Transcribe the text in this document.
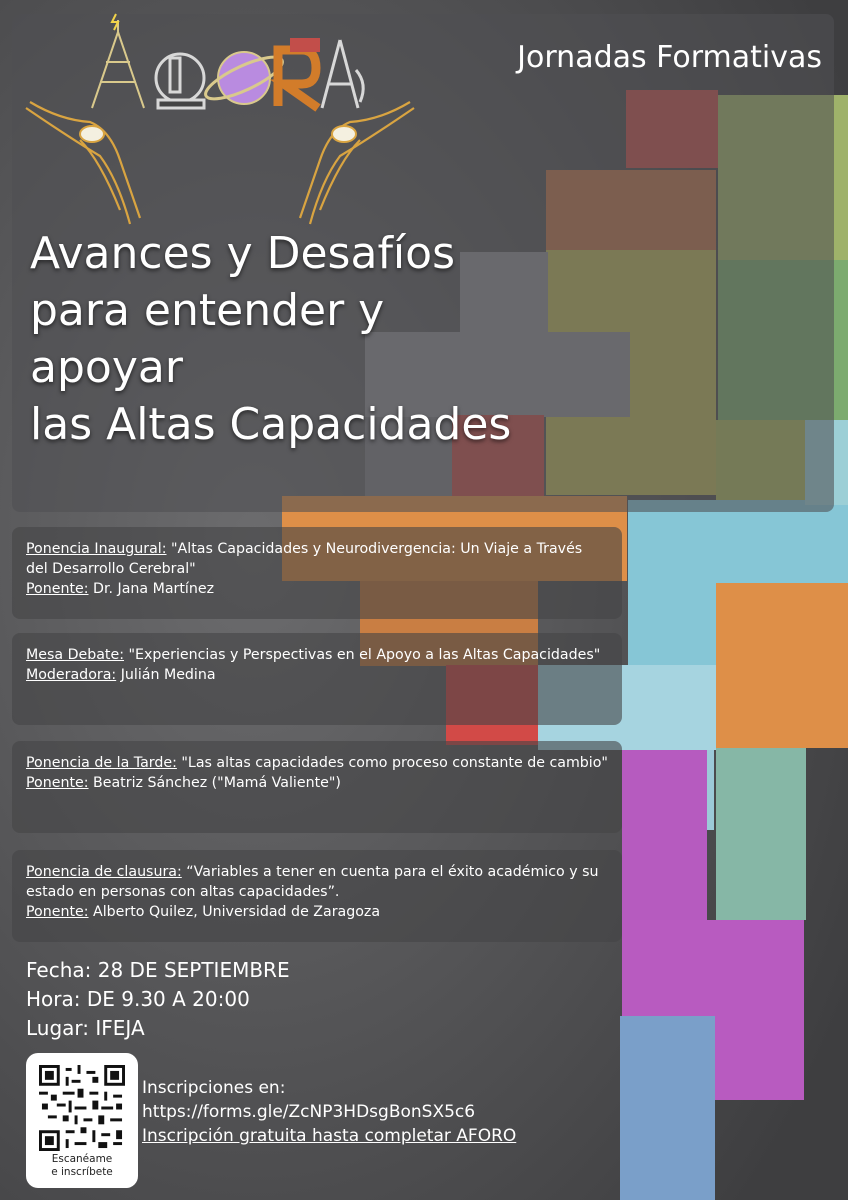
Jornadas Formativas
Avances y Desafíos
para entender y
apoyar
las Altas Capacidades

Ponencia Inaugural: "Altas Capacidades y Neurodivergencia: Un Viaje a Través del Desarrollo Cerebral"

Ponente: Dr. Jana Martínez

Mesa Debate: "Experiencias y Perspectivas en el Apoyo a las Altas Capacidades"

Moderadora: Julián Medina

Ponencia de la Tarde: "Las altas capacidades como proceso constante de cambio"

Ponente: Beatriz Sánchez ("Mamá Valiente")

Ponencia de clausura: “Variables a tener en cuenta para el éxito académico y su estado en personas con altas capacidades”.

Ponente: Alberto Quilez, Universidad de Zaragoza

Fecha: 28 DE SEPTIEMBRE
Hora: DE 9.30 A 20:00
Lugar: IFEJA
Escanéame
e inscríbete
Inscripciones en:
https://forms.gle/ZcNP3HDsgBonSX5c6
Inscripción gratuita hasta completar AFORO
